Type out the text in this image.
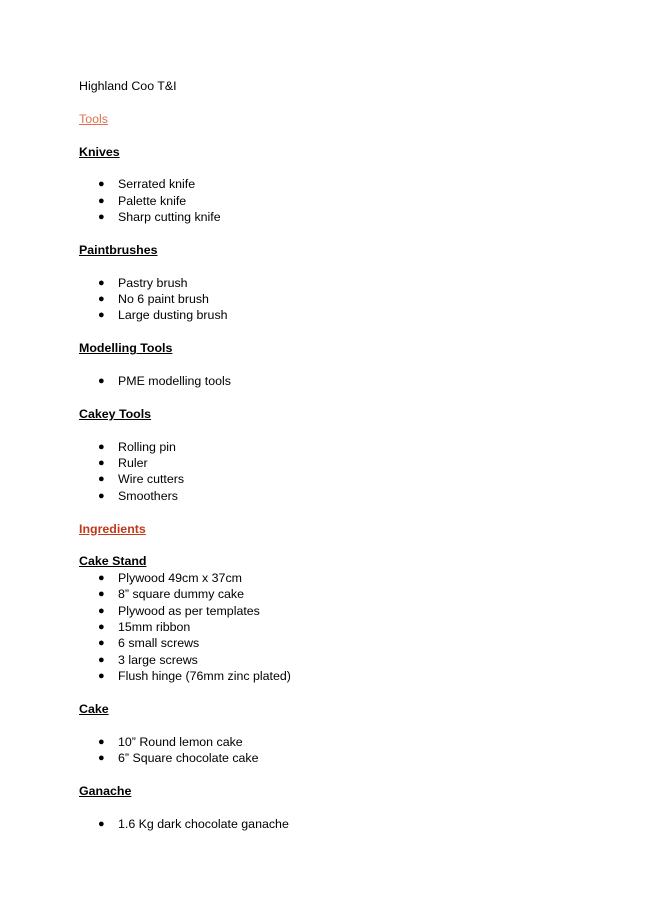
Highland Coo T&I
Tools
Knives
● Serrated knife
● Palette knife
● Sharp cutting knife
Paintbrushes
● Pastry brush
● No 6 paint brush
● Large dusting brush
Modelling Tools
● PME modelling tools
Cakey Tools
● Rolling pin
● Ruler
● Wire cutters
● Smoothers
Ingredients
Cake Stand
● Plywood 49cm x 37cm
● 8” square dummy cake
● Plywood as per templates
● 15mm ribbon
● 6 small screws
● 3 large screws
● Flush hinge (76mm zinc plated)
Cake
● 10” Round lemon cake
● 6” Square chocolate cake
Ganache
● 1.6 Kg dark chocolate ganache
